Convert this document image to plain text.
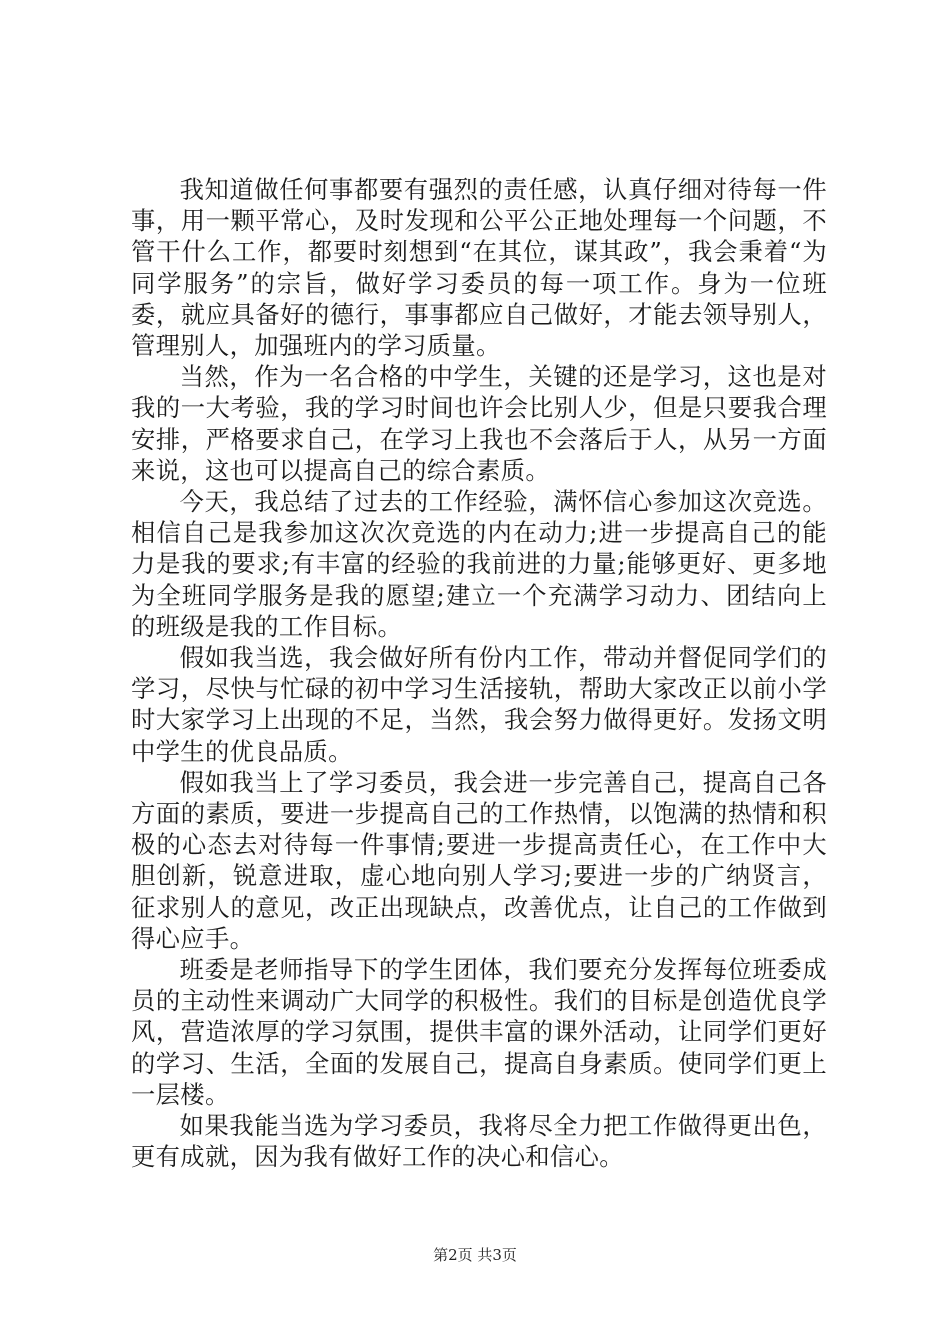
我知道做任何事都要有强烈的责任感，认真仔细对待每一件事，用一颗平常心，及时发现和公平公正地处理每一个问题，不管干什么工作，都要时刻想到“在其位，谋其政”，我会秉着“为同学服务”的宗旨，做好学习委员的每一项工作。身为一位班委，就应具备好的德行，事事都应自己做好，才能去领导别人，管理别人，加强班内的学习质量。

当然，作为一名合格的中学生，关键的还是学习，这也是对我的一大考验，我的学习时间也许会比别人少，但是只要我合理安排，严格要求自己，在学习上我也不会落后于人，从另一方面来说，这也可以提高自己的综合素质。

今天，我总结了过去的工作经验，满怀信心参加这次竞选。相信自己是我参加这次次竞选的内在动力;进一步提高自己的能力是我的要求;有丰富的经验的我前进的力量;能够更好、更多地为全班同学服务是我的愿望;建立一个充满学习动力、团结向上的班级是我的工作目标。

假如我当选，我会做好所有份内工作，带动并督促同学们的学习，尽快与忙碌的初中学习生活接轨，帮助大家改正以前小学时大家学习上出现的不足，当然，我会努力做得更好。发扬文明中学生的优良品质。

假如我当上了学习委员，我会进一步完善自己，提高自己各方面的素质，要进一步提高自己的工作热情，以饱满的热情和积极的心态去对待每一件事情;要进一步提高责任心，在工作中大胆创新，锐意进取，虚心地向别人学习;要进一步的广纳贤言，征求别人的意见，改正出现缺点，改善优点，让自己的工作做到得心应手。

班委是老师指导下的学生团体，我们要充分发挥每位班委成员的主动性来调动广大同学的积极性。我们的目标是创造优良学风，营造浓厚的学习氛围，提供丰富的课外活动，让同学们更好的学习、生活，全面的发展自己，提高自身素质。使同学们更上一层楼。

如果我能当选为学习委员，我将尽全力把工作做得更出色，更有成就，因为我有做好工作的决心和信心。

第2页 共3页
